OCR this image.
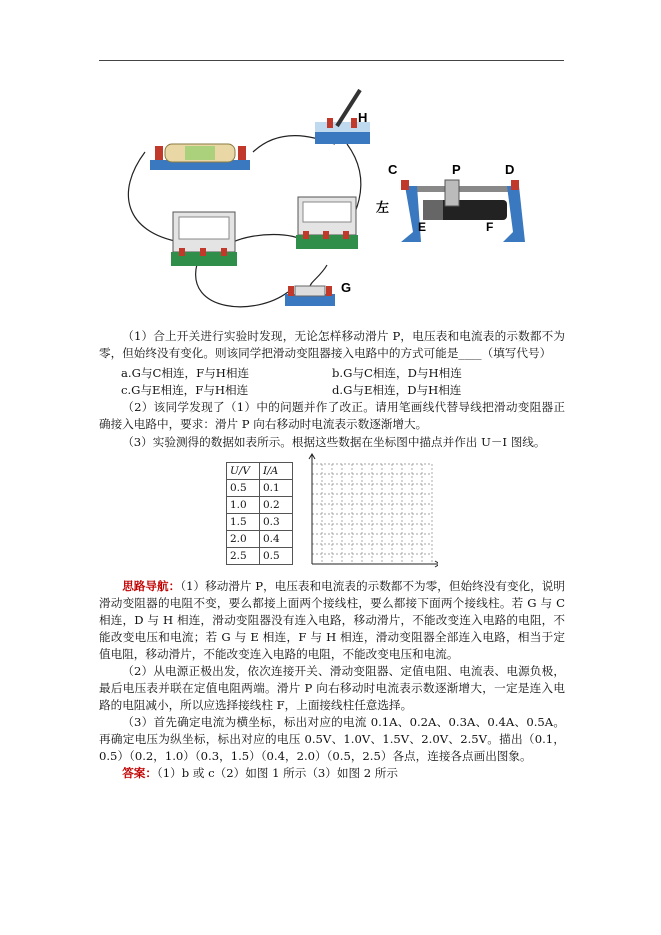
H
G
C	P	D
E	F
左

（1）合上开关进行实验时发现，无论怎样移动滑片 P，电压表和电流表的示数都不为零，但始终没有变化。则该同学把滑动变阻器接入电路中的方式可能是____（填写代号）

a.G与C相连，F与H相连	b.G与C相连，D与H相连
c.G与E相连，F与H相连	d.G与E相连，D与H相连

（2）该同学发现了（1）中的问题并作了改正。请用笔画线代替导线把滑动变阻器正确接入电路中，要求：滑片 P 向右移动时电流表示数逐渐增大。

（3）实验测得的数据如表所示。根据这些数据在坐标图中描点并作出 U－I 图线。

U/V	I/A
0.5	0.1
1.0	0.2
1.5	0.3
2.0	0.4
2.5	0.5

思路导航：（1）移动滑片 P，电压表和电流表的示数都不为零，但始终没有变化，说明滑动变阻器的电阻不变，要么都接上面两个接线柱，要么都接下面两个接线柱。若 G 与 C 相连，D 与 H 相连，滑动变阻器没有连入电路，移动滑片，不能改变连入电路的电阻，不能改变电压和电流；若 G 与 E 相连，F 与 H 相连，滑动变阻器全部连入电路，相当于定值电阻，移动滑片，不能改变连入电路的电阻，不能改变电压和电流。

（2）从电源正极出发，依次连接开关、滑动变阻器、定值电阻、电流表、电源负极，最后电压表并联在定值电阻两端。滑片 P 向右移动时电流表示数逐渐增大，一定是连入电路的电阻减小，所以应选择接线柱 F，上面接线柱任意选择。

（3）首先确定电流为横坐标，标出对应的电流 0.1A、0.2A、0.3A、0.4A、0.5A。再确定电压为纵坐标，标出对应的电压 0.5V、1.0V、1.5V、2.0V、2.5V。描出（0.1，0.5）（0.2，1.0）（0.3，1.5）（0.4，2.0）（0.5，2.5）各点，连接各点画出图象。

答案：（1）b 或 c（2）如图 1 所示（3）如图 2 所示
